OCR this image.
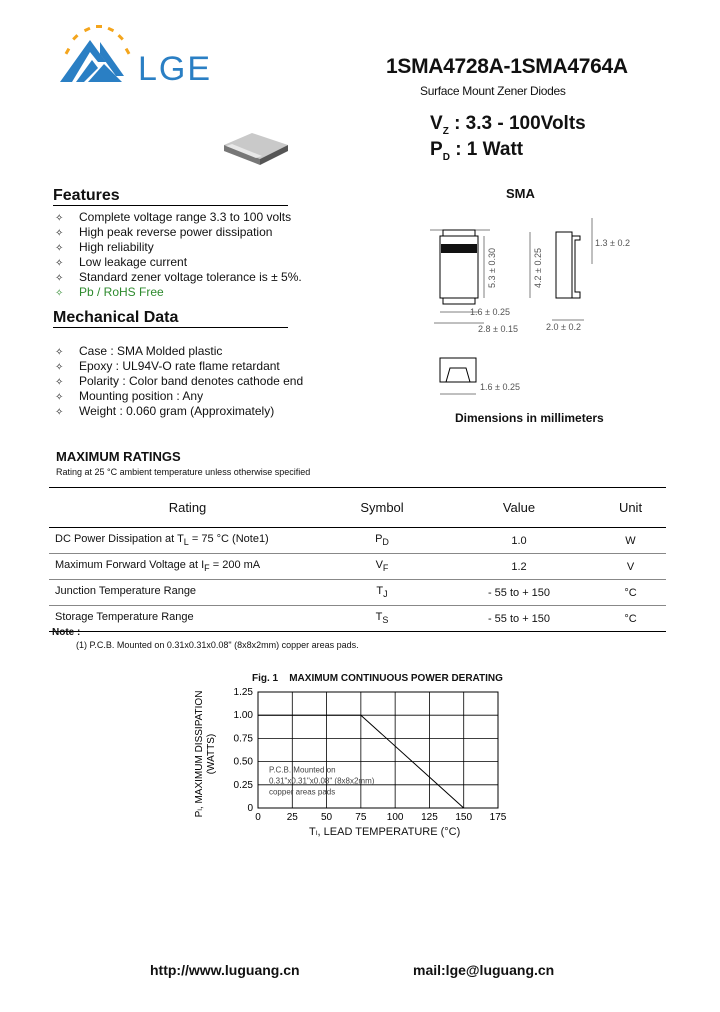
LGE	1SMA4728A-1SMA4764A
Surface Mount Zener Diodes
$V_Z$ : 3.3 - 100Volts
$P_D$ : 1 Watt
Features
✧ Complete voltage range 3.3 to 100 volts
✧ High peak reverse power dissipation
✧ High reliability
✧ Low leakage current
✧ Standard zener voltage tolerance is ± 5%.
✧ Pb / RoHS Free
Mechanical Data
✧ Case : SMA Molded plastic
✧ Epoxy : UL94V-O rate flame retardant
✧ Polarity : Color band denotes cathode end
✧ Mounting position : Any
✧ Weight : 0.060 gram (Approximately)
SMA
5.3 ± 0.30	4.2 ± 0.25
1.3 ± 0.2
1.6 ± 0.25
2.8 ± 0.15	2.0 ± 0.2
1.6 ± 0.25
Dimensions in millimeters
MAXIMUM RATINGS
Rating at 25 °C ambient temperature unless otherwise specified
Rating	Symbol	Value	Unit
DC Power Dissipation at $T_L = 75$ °C (Note1)	$P_D$	1.0	W
Maximum Forward Voltage at $I_F = 200$ mA	$V_F$	1.2	V
Junction Temperature Range	$T_J$	- 55 to + 150	°C
Storage Temperature Range	$T_S$	- 55 to + 150	°C
Note :
(1) P.C.B. Mounted on 0.31x0.31x0.08" (8x8x2mm) copper areas pads.
Fig. 1    MAXIMUM CONTINUOUS POWER DERATING
Pₗ, MAXIMUM DISSIPATION (WATTS)
1.25
1.00
0.75
0.50
0.25
0
0	25 50 75 100 125 150 175
P.C.B. Mounted on
0.31"x0.31"x0.08" (8x8x2mm)
copper areas pads
Tₗ, LEAD TEMPERATURE (°C)
http://www.luguang.cn	mail:lge@luguang.cn
